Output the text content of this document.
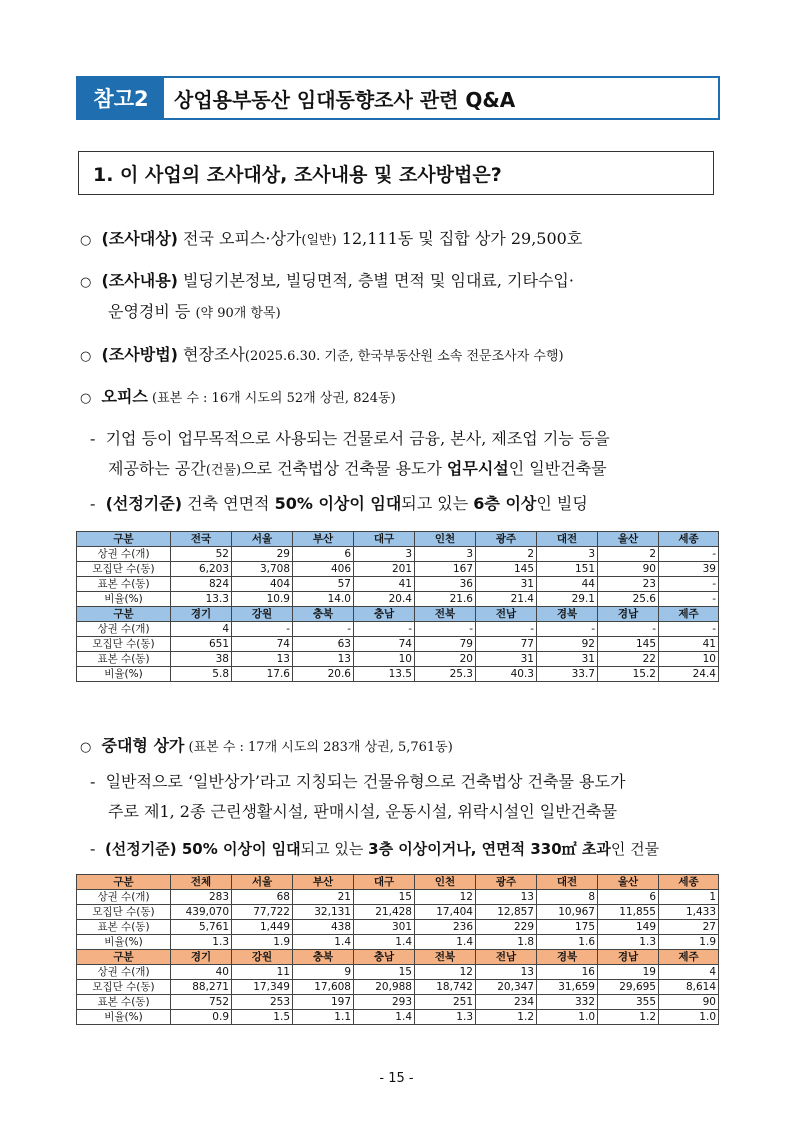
참고2	상업용부동산 임대동향조사 관련 Q&A
1. 이 사업의 조사대상, 조사내용 및 조사방법은?
○ (조사대상) 전국 오피스·상가(일반) 12,111동 및 집합 상가 29,500호
○ (조사내용) 빌딩기본정보, 빌딩면적, 층별 면적 및 임대료, 기타수입·
운영경비 등 (약 90개 항목)
○ (조사방법) 현장조사(2025.6.30. 기준, 한국부동산원 소속 전문조사자 수행)
○ 오피스 (표본 수 : 16개 시도의 52개 상권, 824동)
- 기업 등이 업무목적으로 사용되는 건물로서 금융, 본사, 제조업 기능 등을
제공하는 공간(건물)으로 건축법상 건축물 용도가 업무시설인 일반건축물
- (선정기준) 건축 연면적 50% 이상이 임대되고 있는 6층 이상인 빌딩
구분	전국	서울	부산	대구	인천	광주	대전	울산	세종
상권 수(개)	52	29	6	3	3	2	3	2	-
모집단 수(동)	6,203	3,708	406	201	167	145	151	90	39
표본 수(동)	824	404	57	41	36	31	44	23	-
비율(%)	13.3	10.9	14.0	20.4	21.6	21.4	29.1	25.6	-
구분	경기	강원	충북	충남	전북	전남	경북	경남	제주
상권 수(개)	4	-	-	-	-	-	-	-	-
모집단 수(동)	651	74	63	74	79	77	92	145	41
표본 수(동)	38	13	13	10	20	31	31	22	10
비율(%)	5.8	17.6	20.6	13.5	25.3	40.3	33.7	15.2	24.4
○ 중대형 상가 (표본 수 : 17개 시도의 283개 상권, 5,761동)
- 일반적으로 ‘일반상가’라고 지칭되는 건물유형으로 건축법상 건축물 용도가
주로 제1, 2종 근린생활시설, 판매시설, 운동시설, 위락시설인 일반건축물
- (선정기준) 50% 이상이 임대되고 있는 3층 이상이거나, 연면적 330㎡ 초과인 건물
구분	전체	서울	부산	대구	인천	광주	대전	울산	세종
상권 수(개)	283	68	21	15	12	13	8	6	1
모집단 수(동)	439,070	77,722	32,131	21,428	17,404	12,857	10,967	11,855	1,433
표본 수(동)	5,761	1,449	438	301	236	229	175	149	27
비율(%)	1.3	1.9	1.4	1.4	1.4	1.8	1.6	1.3	1.9
구분	경기	강원	충북	충남	전북	전남	경북	경남	제주
상권 수(개)	40	11	9	15	12	13	16	19	4
모집단 수(동)	88,271	17,349	17,608	20,988	18,742	20,347	31,659	29,695	8,614
표본 수(동)	752	253	197	293	251	234	332	355	90
비율(%)	0.9	1.5	1.1	1.4	1.3	1.2	1.0	1.2	1.0
- 15 -
